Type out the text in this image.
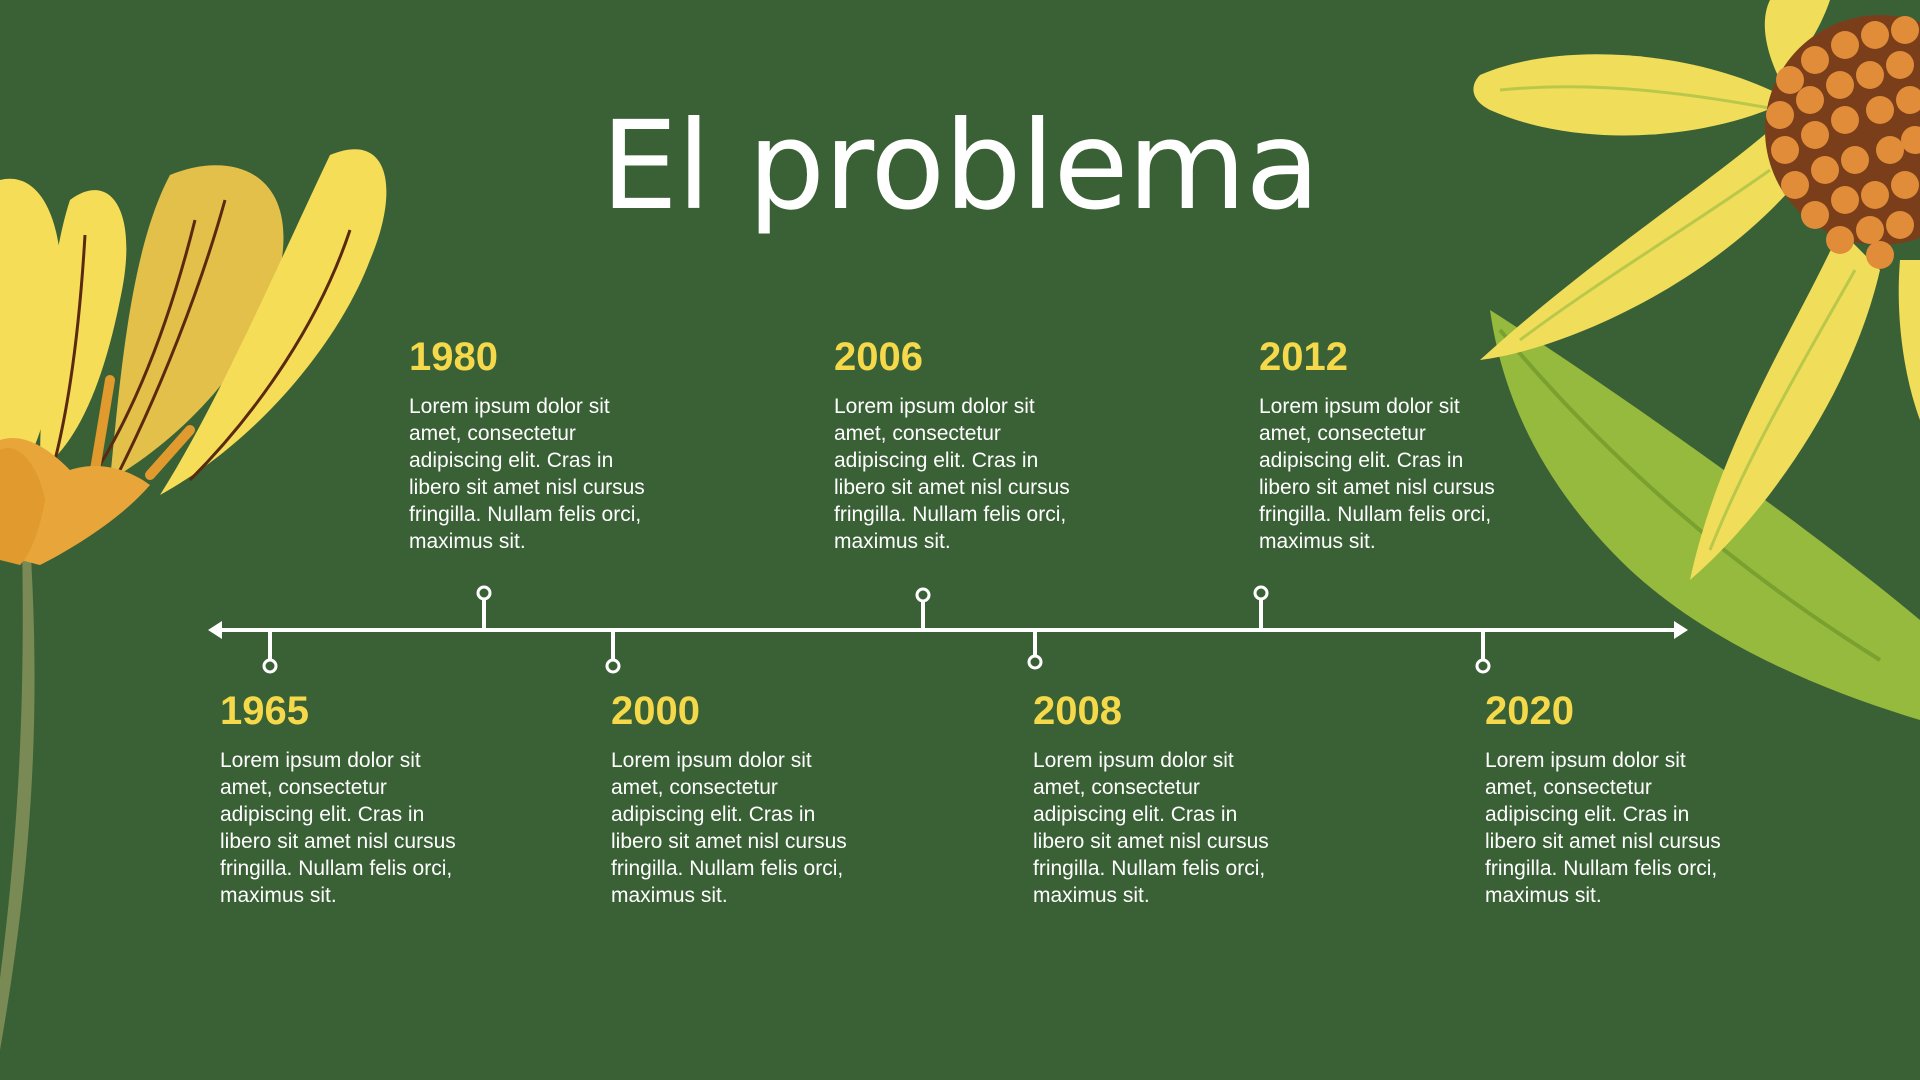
El problema
1980
Lorem ipsum dolor sit amet, consectetur adipiscing elit. Cras in libero sit amet nisl cursus fringilla. Nullam felis orci, maximus sit.
2006
Lorem ipsum dolor sit amet, consectetur adipiscing elit. Cras in libero sit amet nisl cursus fringilla. Nullam felis orci, maximus sit.
2012
Lorem ipsum dolor sit amet, consectetur adipiscing elit. Cras in libero sit amet nisl cursus fringilla. Nullam felis orci, maximus sit.
1965
Lorem ipsum dolor sit amet, consectetur adipiscing elit. Cras in libero sit amet nisl cursus fringilla. Nullam felis orci, maximus sit.
2000
Lorem ipsum dolor sit amet, consectetur adipiscing elit. Cras in libero sit amet nisl cursus fringilla. Nullam felis orci, maximus sit.
2008
Lorem ipsum dolor sit amet, consectetur adipiscing elit. Cras in libero sit amet nisl cursus fringilla. Nullam felis orci, maximus sit.
2020
Lorem ipsum dolor sit amet, consectetur adipiscing elit. Cras in libero sit amet nisl cursus fringilla. Nullam felis orci, maximus sit.
